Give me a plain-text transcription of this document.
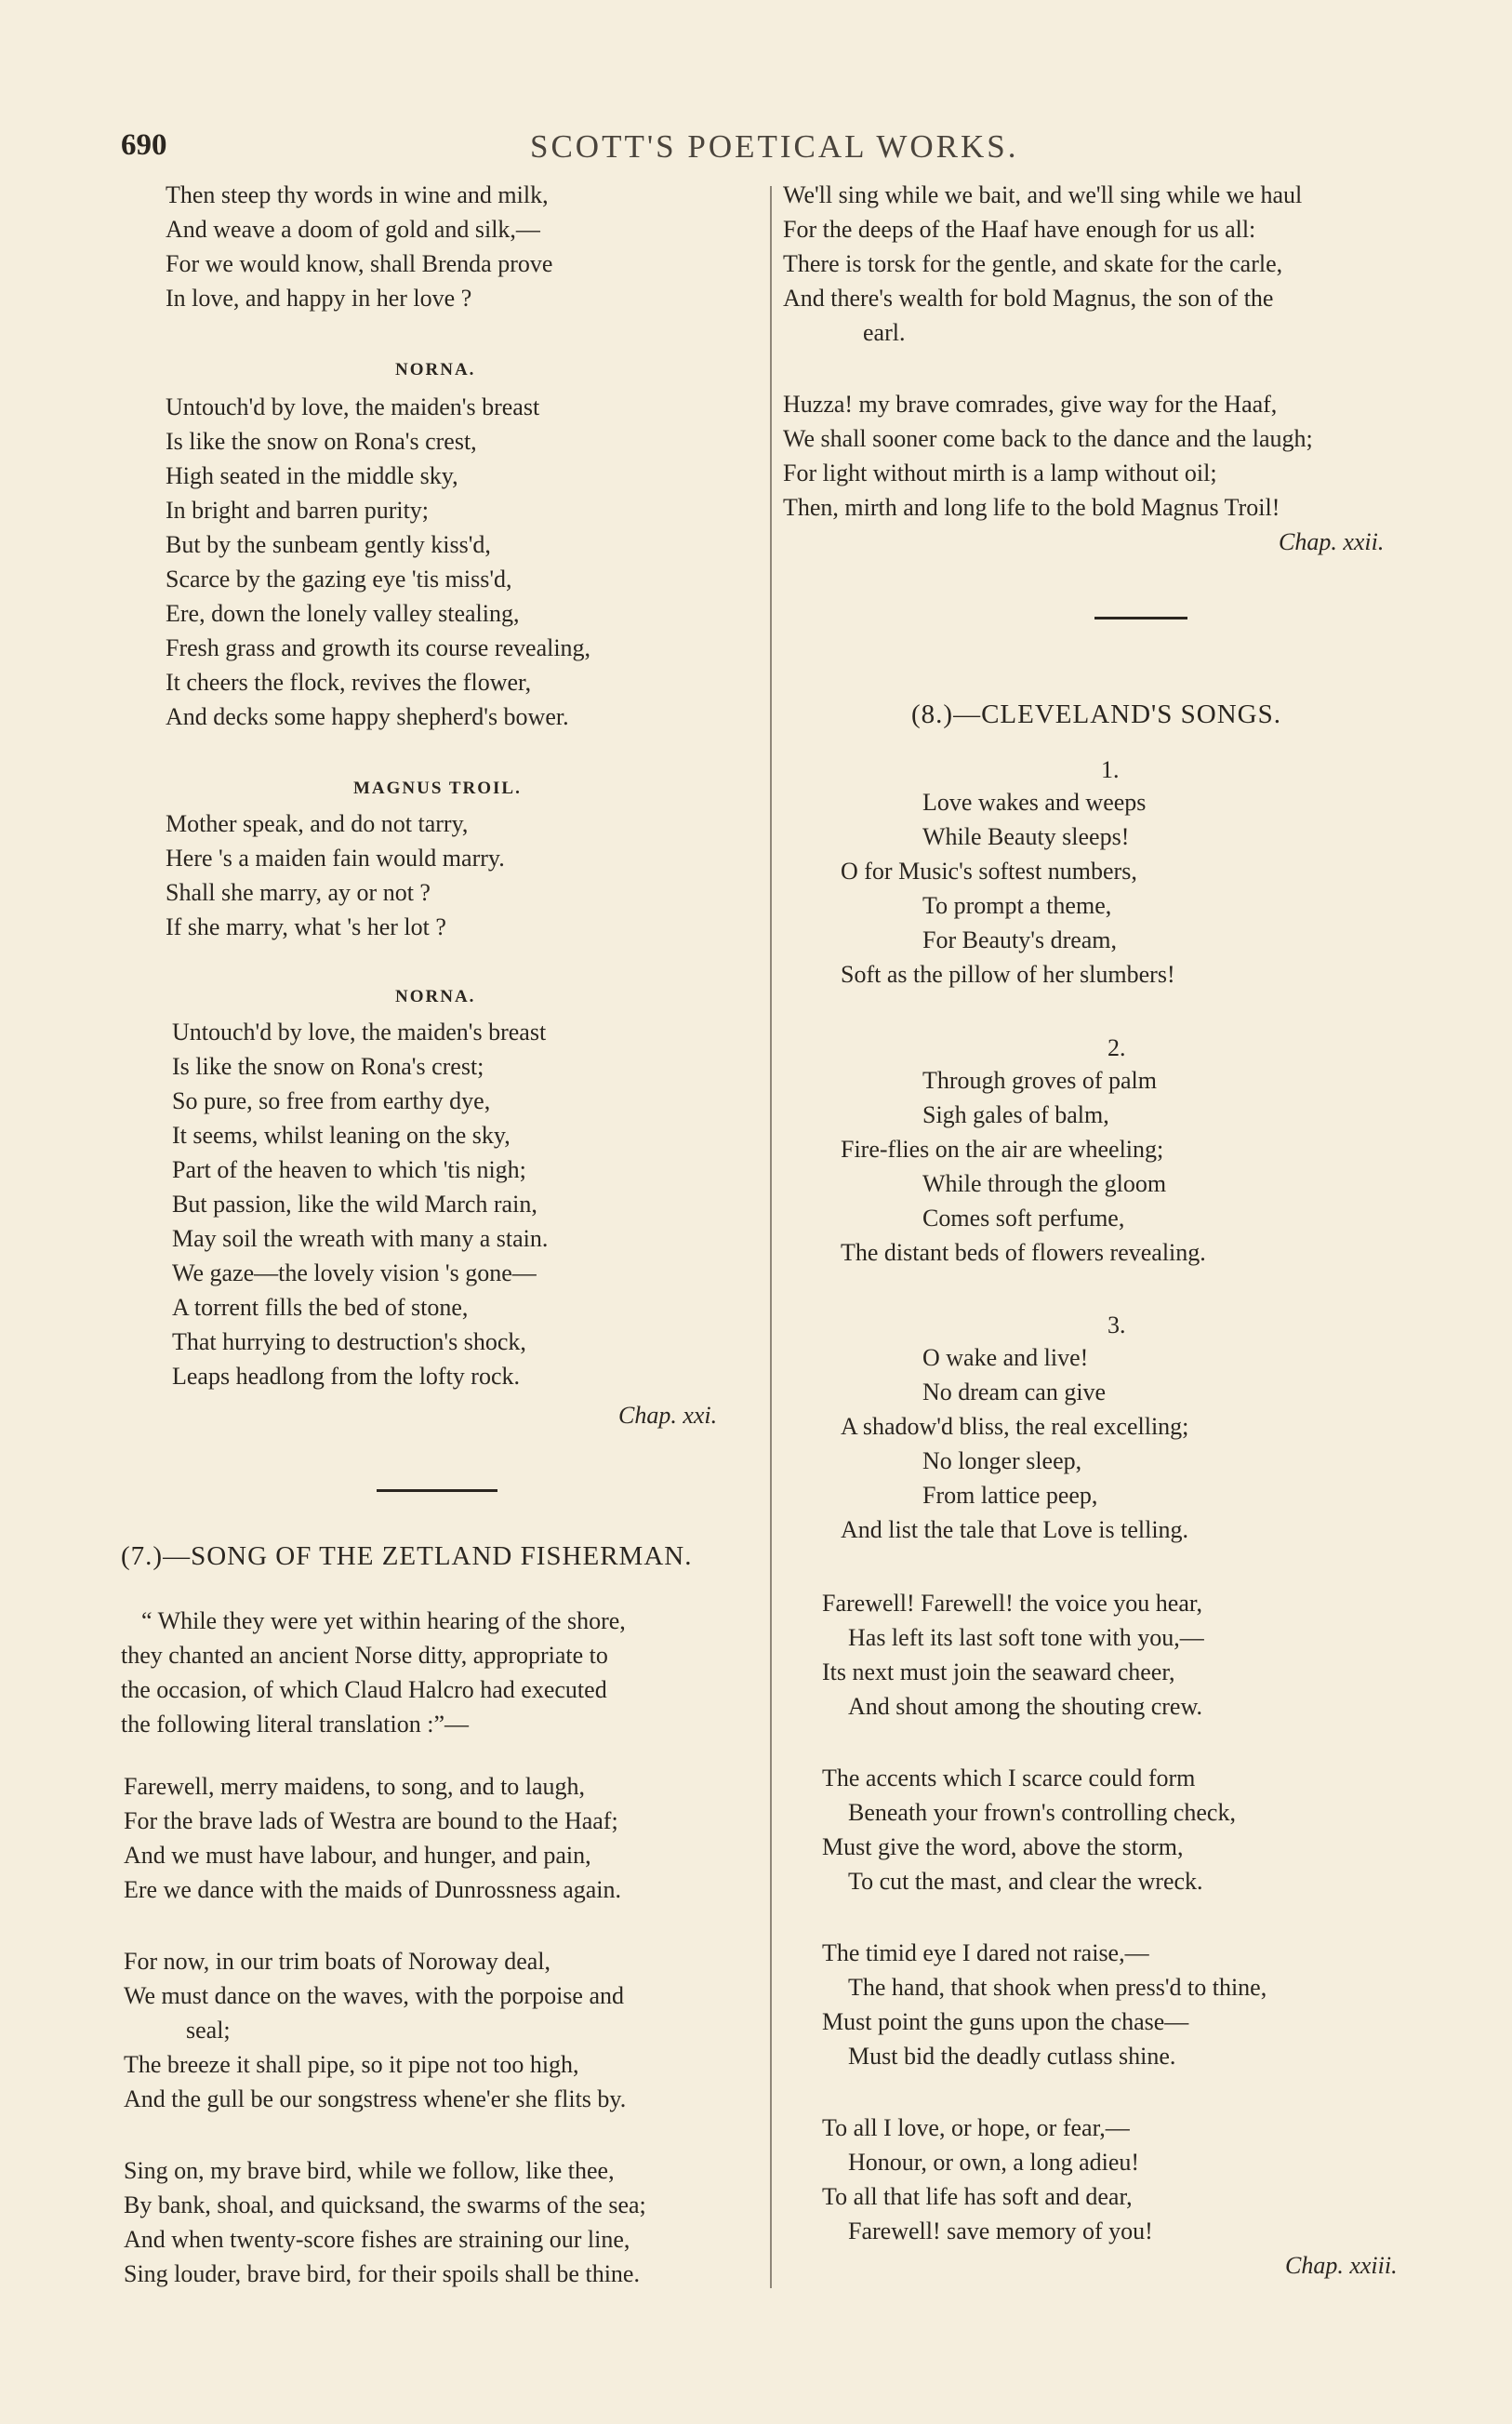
690	SCOTT'S POETICAL WORKS.
Then steep thy words in wine and milk,
And weave a doom of gold and silk,—
For we would know, shall Brenda prove
In love, and happy in her love ?
NORNA.
Untouch'd by love, the maiden's breast
Is like the snow on Rona's crest,
High seated in the middle sky,
In bright and barren purity;
But by the sunbeam gently kiss'd,
Scarce by the gazing eye 'tis miss'd,
Ere, down the lonely valley stealing,
Fresh grass and growth its course revealing,
It cheers the flock, revives the flower,
And decks some happy shepherd's bower.
MAGNUS TROIL.
Mother speak, and do not tarry,
Here 's a maiden fain would marry.
Shall she marry, ay or not ?
If she marry, what 's her lot ?
NORNA.
Untouch'd by love, the maiden's breast
Is like the snow on Rona's crest;
So pure, so free from earthy dye,
It seems, whilst leaning on the sky,
Part of the heaven to which 'tis nigh;
But passion, like the wild March rain,
May soil the wreath with many a stain.
We gaze—the lovely vision 's gone—
A torrent fills the bed of stone,
That hurrying to destruction's shock,
Leaps headlong from the lofty rock.
Chap. xxi.
(7.)—SONG OF THE ZETLAND FISHERMAN.
“ While they were yet within hearing of the shore,
they chanted an ancient Norse ditty, appropriate to
the occasion, of which Claud Halcro had executed
the following literal translation :”—
Farewell, merry maidens, to song, and to laugh,
For the brave lads of Westra are bound to the Haaf;
And we must have labour, and hunger, and pain,
Ere we dance with the maids of Dunrossness again.
For now, in our trim boats of Noroway deal,
We must dance on the waves, with the porpoise and
seal;
The breeze it shall pipe, so it pipe not too high,
And the gull be our songstress whene'er she flits by.
Sing on, my brave bird, while we follow, like thee,
By bank, shoal, and quicksand, the swarms of the sea;
And when twenty-score fishes are straining our line,
Sing louder, brave bird, for their spoils shall be thine.
We'll sing while we bait, and we'll sing while we haul
For the deeps of the Haaf have enough for us all:
There is torsk for the gentle, and skate for the carle,
And there's wealth for bold Magnus, the son of the
earl.
Huzza! my brave comrades, give way for the Haaf,
We shall sooner come back to the dance and the laugh;
For light without mirth is a lamp without oil;
Then, mirth and long life to the bold Magnus Troil!
Chap. xxii.
(8.)—CLEVELAND'S SONGS.
1.
Love wakes and weeps
While Beauty sleeps!
O for Music's softest numbers,
To prompt a theme,
For Beauty's dream,
Soft as the pillow of her slumbers!
2.
Through groves of palm
Sigh gales of balm,
Fire-flies on the air are wheeling;
While through the gloom
Comes soft perfume,
The distant beds of flowers revealing.
3.
O wake and live!
No dream can give
A shadow'd bliss, the real excelling;
No longer sleep,
From lattice peep,
And list the tale that Love is telling.
Farewell! Farewell! the voice you hear,
Has left its last soft tone with you,—
Its next must join the seaward cheer,
And shout among the shouting crew.
The accents which I scarce could form
Beneath your frown's controlling check,
Must give the word, above the storm,
To cut the mast, and clear the wreck.
The timid eye I dared not raise,—
The hand, that shook when press'd to thine,
Must point the guns upon the chase—
Must bid the deadly cutlass shine.
To all I love, or hope, or fear,—
Honour, or own, a long adieu!
To all that life has soft and dear,
Farewell! save memory of you!
Chap. xxiii.
